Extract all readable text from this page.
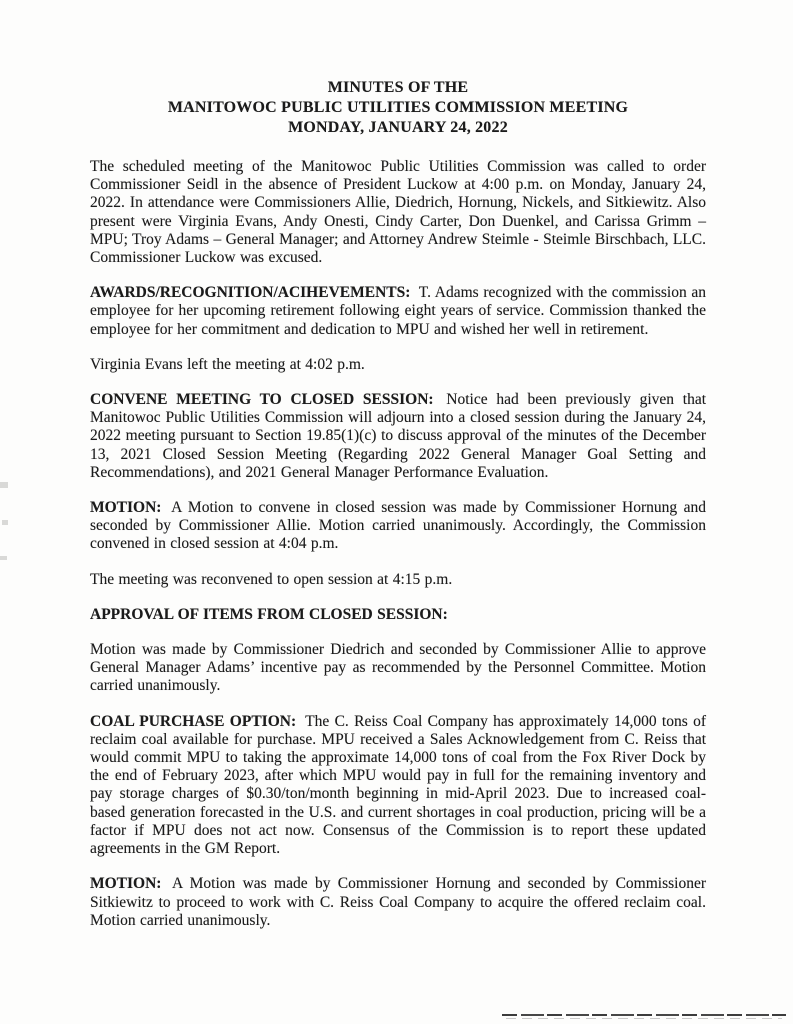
MINUTES OF THE
MANITOWOC PUBLIC UTILITIES COMMISSION MEETING
MONDAY, JANUARY 24, 2022

The scheduled meeting of the Manitowoc Public Utilities Commission was called to order Commissioner Seidl in the absence of President Luckow at 4:00 p.m. on Monday, January 24, 2022. In attendance were Commissioners Allie, Diedrich, Hornung, Nickels, and Sitkiewitz. Also present were Virginia Evans, Andy Onesti, Cindy Carter, Don Duenkel, and Carissa Grimm – MPU; Troy Adams – General Manager; and Attorney Andrew Steimle - Steimle Birschbach, LLC. Commissioner Luckow was excused.

AWARDS/RECOGNITION/ACIHEVEMENTS: T. Adams recognized with the commission an employee for her upcoming retirement following eight years of service. Commission thanked the employee for her commitment and dedication to MPU and wished her well in retirement.

Virginia Evans left the meeting at 4:02 p.m.

CONVENE MEETING TO CLOSED SESSION: Notice had been previously given that Manitowoc Public Utilities Commission will adjourn into a closed session during the January 24, 2022 meeting pursuant to Section 19.85(1)(c) to discuss approval of the minutes of the December 13, 2021 Closed Session Meeting (Regarding 2022 General Manager Goal Setting and Recommendations), and 2021 General Manager Performance Evaluation.

MOTION: A Motion to convene in closed session was made by Commissioner Hornung and seconded by Commissioner Allie. Motion carried unanimously. Accordingly, the Commission convened in closed session at 4:04 p.m.

The meeting was reconvened to open session at 4:15 p.m.

APPROVAL OF ITEMS FROM CLOSED SESSION:

Motion was made by Commissioner Diedrich and seconded by Commissioner Allie to approve General Manager Adams’ incentive pay as recommended by the Personnel Committee. Motion carried unanimously.

COAL PURCHASE OPTION: The C. Reiss Coal Company has approximately 14,000 tons of reclaim coal available for purchase. MPU received a Sales Acknowledgement from C. Reiss that would commit MPU to taking the approximate 14,000 tons of coal from the Fox River Dock by the end of February 2023, after which MPU would pay in full for the remaining inventory and pay storage charges of $0.30/ton/month beginning in mid-April 2023. Due to increased coal-based generation forecasted in the U.S. and current shortages in coal production, pricing will be a factor if MPU does not act now. Consensus of the Commission is to report these updated agreements in the GM Report.

MOTION: A Motion was made by Commissioner Hornung and seconded by Commissioner Sitkiewitz to proceed to work with C. Reiss Coal Company to acquire the offered reclaim coal. Motion carried unanimously.
